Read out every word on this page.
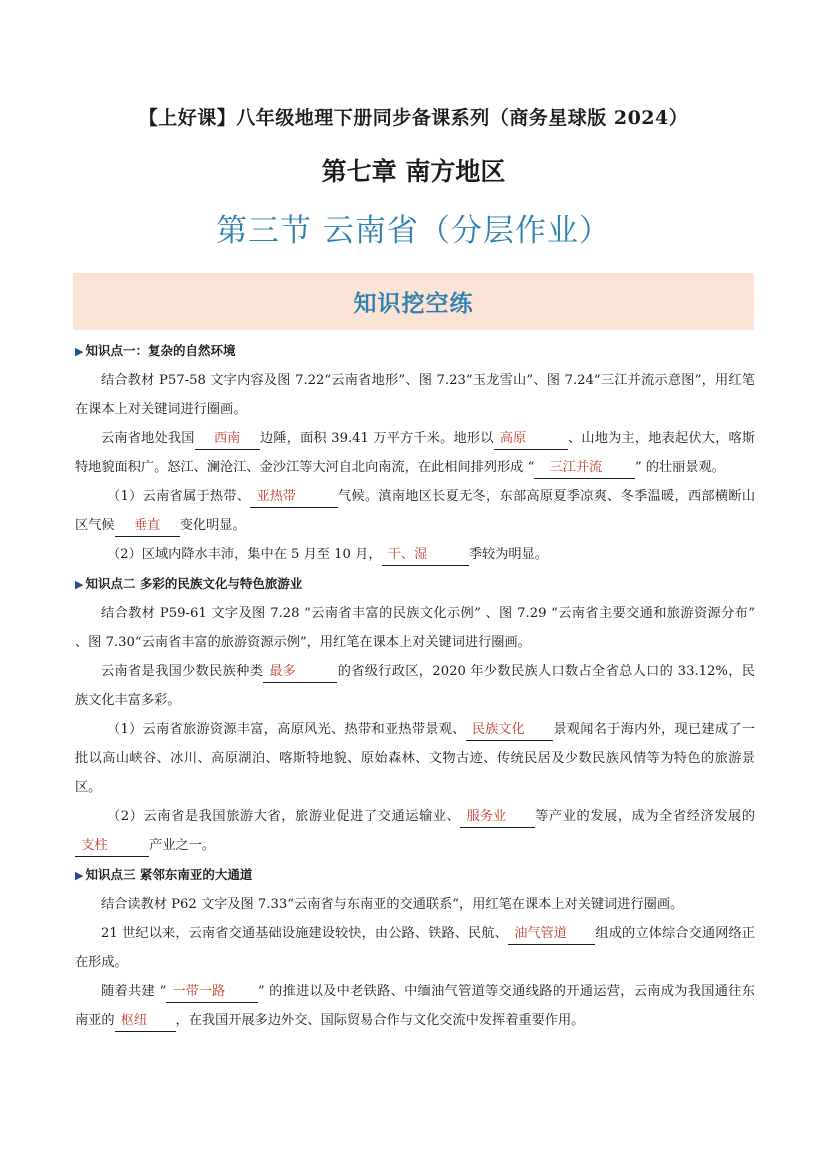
【上好课】八年级地理下册同步备课系列（商务星球版 2024）
第七章 南方地区
第三节 云南省（分层作业）
知识挖空练

▶ 知识点一：复杂的自然环境

结合教材 P57-58 文字内容及图 7.22“云南省地形”、图 7.23“玉龙雪山”、图 7.24“三江并流示意图”，用红笔在课本上对关键词进行圈画。

云南省地处我国  西南  边陲，面积 39.41 万平方千米。地形以 高原   	、山地为主，地表起伏大，喀斯特地貌面积广。怒江、澜沧江、金沙江等大河自北向南流，在此相间排列形成 “  三江并流   ” 的壮丽景观。

（1）云南省属于热带、 亚热带   	气候。滇南地区长夏无冬，东部高原夏季凉爽、冬季温暖，西部横断山区气候  垂直  变化明显。

（2）区域内降水丰沛，集中在 5 月至 10 月， 干、湿   	季较为明显。

▶ 知识点二 多彩的民族文化与特色旅游业

结合教材 P59-61 文字及图 7.28 “云南省丰富的民族文化示例” 、图 7.29 “云南省主要交通和旅游资源分布” 、图 7.30“云南省丰富的旅游资源示例”，用红笔在课本上对关键词进行圈画。

云南省是我国少数民族种类 最多   	的省级行政区，2020 年少数民族人口数占全省总人口的 33.12%，民族文化丰富多彩。

（1）云南省旅游资源丰富，高原风光、热带和亚热带景观、 民族文化   景观闻名于海内外，现已建成了一批以高山峡谷、冰川、高原湖泊、喀斯特地貌、原始森林、文物古迹、传统民居及少数民族风情等为特色的旅游景区。

（2）云南省是我国旅游大省，旅游业促进了交通运输业、 服务业   等产业的发展，成为全省经济发展的 支柱   	产业之一。

▶ 知识点三 紧邻东南亚的大通道

结合读教材 P62 文字及图 7.33“云南省与东南亚的交通联系”，用红笔在课本上对关键词进行圈画。

21 世纪以来，云南省交通基础设施建设较快，由公路、铁路、民航、 油气管道   组成的立体综合交通网络正在形成。

随着共建 “ 一带一路   ” 的推进以及中老铁路、中缅油气管道等交通线路的开通运营，云南成为我国通往东南亚的 枢纽   ，在我国开展多边外交、国际贸易合作与文化交流中发挥着重要作用。
